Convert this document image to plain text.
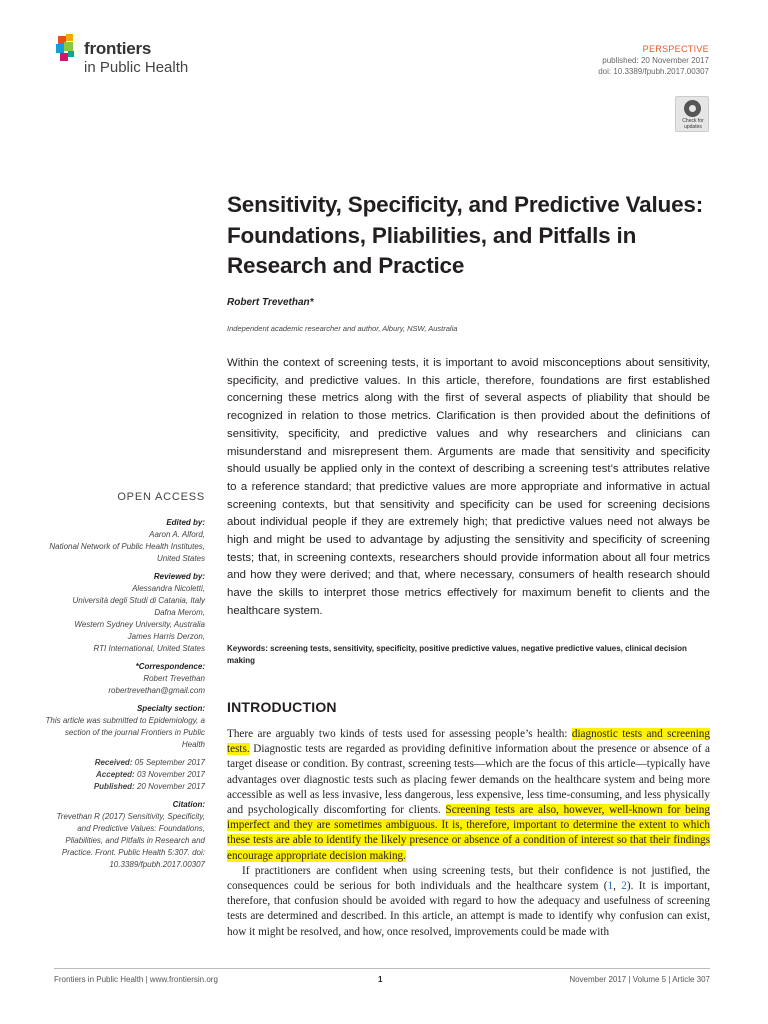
frontiers
in Public Health
PERSPECTIVE
published: 20 November 2017
doi: 10.3389/fpubh.2017.00307
Check for
updates
Sensitivity, Specificity, and Predictive Values: Foundations, Pliabilities, and Pitfalls in Research and Practice
Robert Trevethan*
Independent academic researcher and author, Albury, NSW, Australia
Within the context of screening tests, it is important to avoid misconceptions about sensitivity, specificity, and predictive values. In this article, therefore, foundations are first established concerning these metrics along with the first of several aspects of pliability that should be recognized in relation to those metrics. Clarification is then provided about the definitions of sensitivity, specificity, and predictive values and why researchers and clinicians can misunderstand and misrepresent them. Arguments are made that sensitivity and specificity should usually be applied only in the context of describing a screening test’s attributes relative to a reference standard; that predictive values are more appropriate and informative in actual screening contexts, but that sensitivity and specificity can be used for screening decisions about individual people if they are extremely high; that predictive values need not always be high and might be used to advantage by adjusting the sensitivity and specificity of screening tests; that, in screening contexts, researchers should provide information about all four metrics and how they were derived; and that, where necessary, consumers of health research should have the skills to interpret those metrics effectively for maximum benefit to clients and the healthcare system.
Keywords: screening tests, sensitivity, specificity, positive predictive values, negative predictive values, clinical decision making
INTRODUCTION

There are arguably two kinds of tests used for assessing people’s health: diagnostic tests and screening tests. Diagnostic tests are regarded as providing definitive information about the presence or absence of a target disease or condition. By contrast, screening tests—which are the focus of this article—typically have advantages over diagnostic tests such as placing fewer demands on the healthcare system and being more accessible as well as less invasive, less dangerous, less expensive, less time-consuming, and less physically and psychologically discomforting for clients. Screening tests are also, however, well-known for being imperfect and they are sometimes ambiguous. It is, therefore, important to determine the extent to which these tests are able to identify the likely presence or absence of a condition of interest so that their findings encourage appropriate decision making.

If practitioners are confident when using screening tests, but their confidence is not justified, the consequences could be serious for both individuals and the healthcare system (1, 2). It is important, therefore, that confusion should be avoided with regard to how the adequacy and usefulness of screening tests are determined and described. In this article, an attempt is made to identify why confusion can exist, how it might be resolved, and how, once resolved, improvements could be made with

OPEN ACCESS
Edited by:
Aaron A. Alford,
National Network of Public Health Institutes, United States
Reviewed by:
Alessandra Nicoletti,
Università degli Studi di Catania, Italy
Dafna Merom,
Western Sydney University, Australia
James Harris Derzon,
RTI International, United States
*Correspondence:
Robert Trevethan
robertrevethan@gmail.com
Specialty section:
This article was submitted to Epidemiology, a section of the journal Frontiers in Public Health
Received: 05 September 2017
Accepted: 03 November 2017
Published: 20 November 2017
Citation:
Trevethan R (2017) Sensitivity, Specificity, and Predictive Values: Foundations, Pliabilities, and Pitfalls in Research and Practice. Front. Public Health 5:307. doi: 10.3389/fpubh.2017.00307
Frontiers in Public Health | www.frontiersin.org	1	November 2017 | Volume 5 | Article 307
